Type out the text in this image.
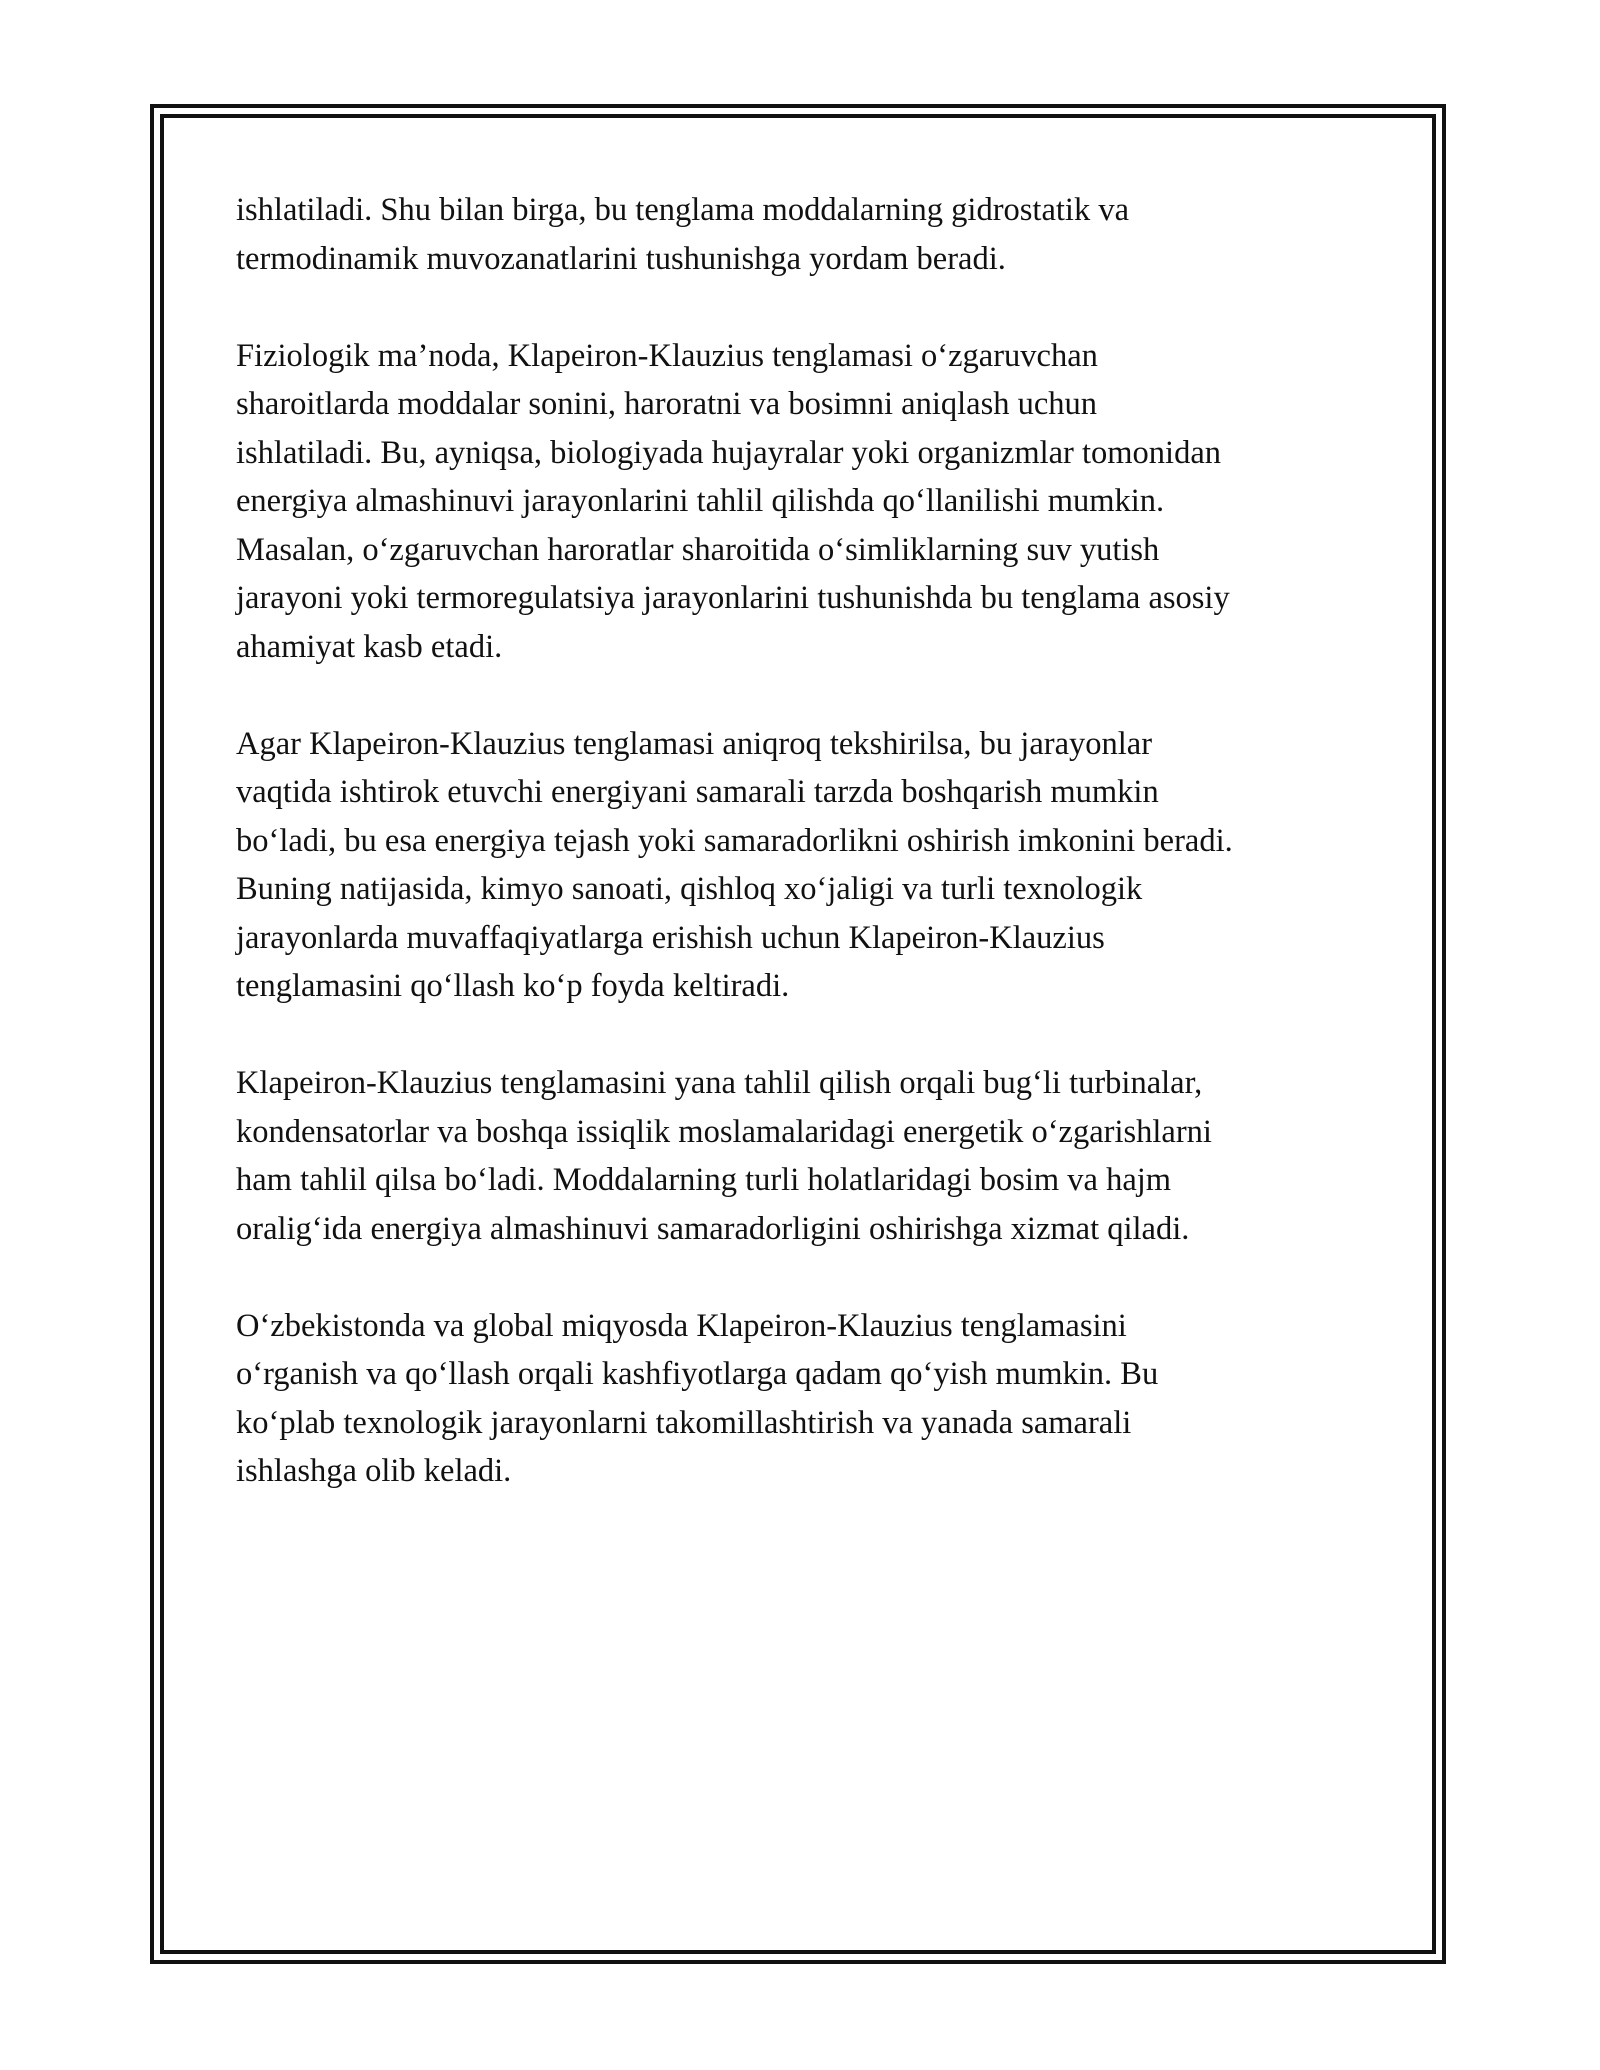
ishlatiladi. Shu bilan birga, bu tenglama moddalarning gidrostatik va
termodinamik muvozanatlarini tushunishga yordam beradi.

Fiziologik ma’noda, Klapeiron-Klauzius tenglamasi o‘zgaruvchan
sharoitlarda moddalar sonini, haroratni va bosimni aniqlash uchun
ishlatiladi. Bu, ayniqsa, biologiyada hujayralar yoki organizmlar tomonidan
energiya almashinuvi jarayonlarini tahlil qilishda qo‘llanilishi mumkin.
Masalan, o‘zgaruvchan haroratlar sharoitida o‘simliklarning suv yutish
jarayoni yoki termoregulatsiya jarayonlarini tushunishda bu tenglama asosiy
ahamiyat kasb etadi.

Agar Klapeiron-Klauzius tenglamasi aniqroq tekshirilsa, bu jarayonlar
vaqtida ishtirok etuvchi energiyani samarali tarzda boshqarish mumkin
bo‘ladi, bu esa energiya tejash yoki samaradorlikni oshirish imkonini beradi.
Buning natijasida, kimyo sanoati, qishloq xo‘jaligi va turli texnologik
jarayonlarda muvaffaqiyatlarga erishish uchun Klapeiron-Klauzius
tenglamasini qo‘llash ko‘p foyda keltiradi.

Klapeiron-Klauzius tenglamasini yana tahlil qilish orqali bug‘li turbinalar,
kondensatorlar va boshqa issiqlik moslamalaridagi energetik o‘zgarishlarni
ham tahlil qilsa bo‘ladi. Moddalarning turli holatlaridagi bosim va hajm
oralig‘ida energiya almashinuvi samaradorligini oshirishga xizmat qiladi.

O‘zbekistonda va global miqyosda Klapeiron-Klauzius tenglamasini
o‘rganish va qo‘llash orqali kashfiyotlarga qadam qo‘yish mumkin. Bu
ko‘plab texnologik jarayonlarni takomillashtirish va yanada samarali
ishlashga olib keladi.
